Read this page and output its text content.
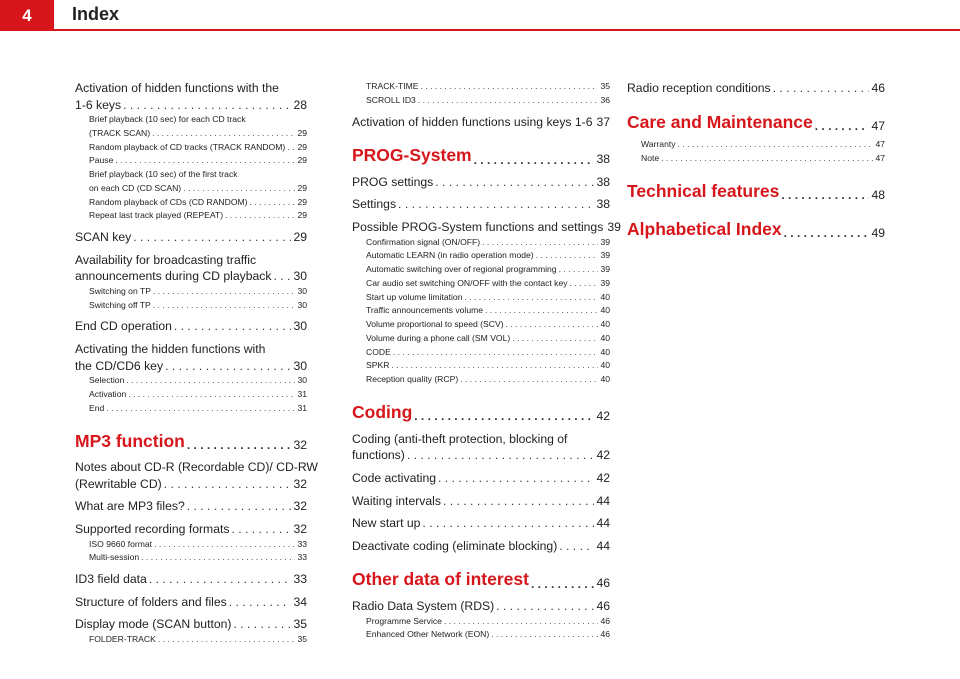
4	Index
Activation of hidden functions with the
1-6 keys . . .	28
Brief playback (10 sec) for each CD track
(TRACK SCAN) . . .	29
Random playback of CD tracks (TRACK RANDOM) . . . 29
Pause . . .	29
Brief playback (10 sec) of the first track
on each CD (CD SCAN) . . .	29
Random playback of CDs (CD RANDOM) . . .	29
Repeat last track played (REPEAT) . . .	29
SCAN key . . .	29
Availability for broadcasting traffic
announcements during CD playback . . . 30
Switching on TP . . .	30
Switching off TP . . .	30
End CD operation . . .	30
Activating the hidden functions with
the CD/CD6 key . . .	30
Selection . . .	30
Activation . . .	31
End . . .	31
MP3 function . . .	32
Notes about CD-R (Recordable CD)/ CD-RW
(Rewritable CD) . . .	32
What are MP3 files? . . .	32
Supported recording formats . . .	32
ISO 9660 format . . .	33
Multi-session . . .	33
ID3 field data . . .	33
Structure of folders and files . . .	34
Display mode (SCAN button) . . .	35
FOLDER-TRACK . . .	35
TRACK-TIME . . .	35
SCROLL ID3 . . .	36
Activation of hidden functions using keys 1-6 37
PROG-System . . .	38
PROG settings . . .	38
Settings . . .	38
Possible PROG-System functions and settings 39
Confirmation signal (ON/OFF) . . .	39
Automatic LEARN (in radio operation mode) . . .	39
Automatic switching over of regional programming . . .	39
Car audio set switching ON/OFF with the contact key . . .	39
Start up volume limitation . . .	40
Traffic announcements volume . . .	40
Volume proportional to speed (SCV) . . .	40
Volume during a phone call (SM VOL) . . .	40
CODE . . .	40
SPKR . . .	40
Reception quality (RCP) . . .	40
Coding . . .	42
Coding (anti-theft protection, blocking of
functions) . . .	42
Code activating . . .	42
Waiting intervals . . .	44
New start up . . .	44
Deactivate coding (eliminate blocking) . . .	44
Other data of interest . . .	46
Radio Data System (RDS) . . .	46
Programme Service . . .	46
Enhanced Other Network (EON) . . .	46
Radio reception conditions . . .	46
Care and Maintenance . . .	47
Warranty . . .	47
Note . . .	47
Technical features . . .	48
Alphabetical Index . . .	49
